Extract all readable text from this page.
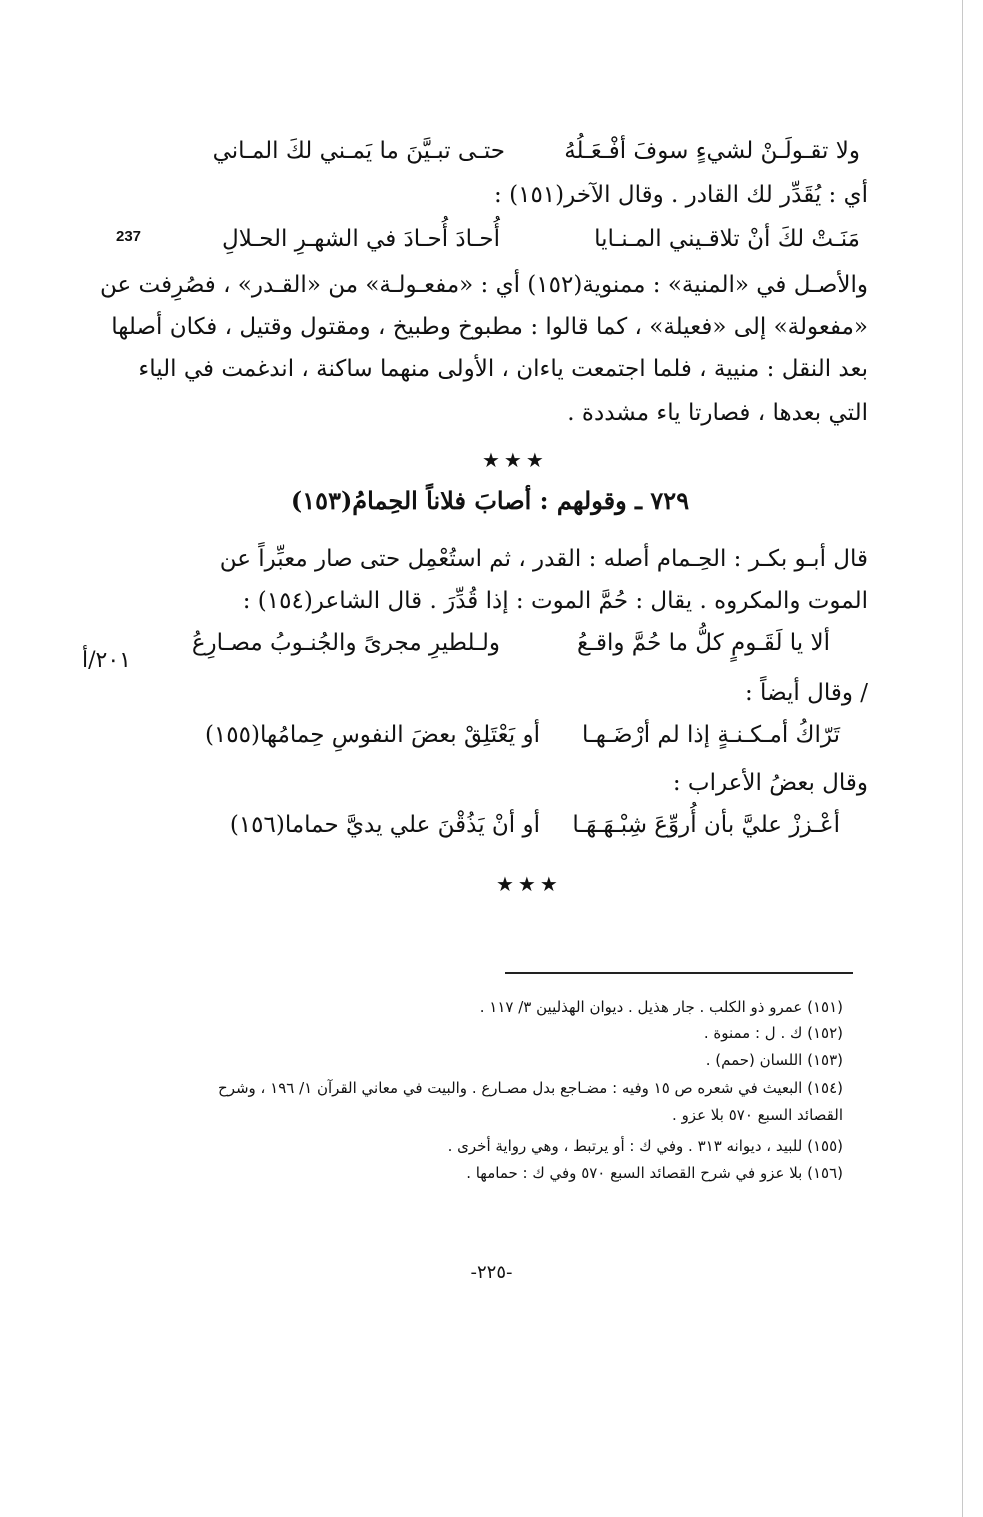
ولا تقـولَـنْ لشيءٍ سوفَ أفْـعَـلُهُ
حتـى تبـيَّنَ ما يَمـني لكَ المـاني
أي : يُقَدِّر لك القادر . وقال الآخر(١٥١) :
237	مَنَـتْ لكَ أنْ تلاقـيني المـنـايا
أُحـادَ أُحـادَ في الشهـرِ الحـلالِ
والأصـل في «المنية» : ممنوية(١٥٢) أي : «مفعـولـة» من «القـدر» ، فصُرِفت عن
«مفعولة» إلى «فعيلة» ، كما قالوا : مطبوخ وطبيخ ، ومقتول وقتيل ، فكان أصلها
بعد النقل : منيية ، فلما اجتمعت ياءان ، الأولى منهما ساكنة ، اندغمت في الياء
التي بعدها ، فصارتا ياء مشددة .
★★★
٧٢٩ ـ وقولهم : أصابَ فلاناً الحِمامُ(١٥٣)
قال أبـو بكـر : الحِـمام أصله : القدر ، ثم استُعْمِل حتى صار معبِّراً عن
الموت والمكروه . يقال : حُمَّ الموت : إذا قُدِّرَ . قال الشاعر(١٥٤) :
٢٠١/أ
ألا يا لَقَـومٍ كلُّ ما حُمَّ واقـعُ
ولـلطيرِ مجرىً والجُنـوبُ مصـارِعُ
/ وقال أيضاً :
تَرّاكُ أمـكـنـةٍ إذا لم أرْضَـهـا
أو يَعْتَلِقْ بعضَ النفوسِ حِمامُها(١٥٥)
وقال بعضُ الأعراب :
أعْـززْ عليَّ بأن أُروِّعَ شِبْـهَـهَـا
أو أنْ يَذُقْنَ علي يديَّ حماما(١٥٦)
★★★
(١٥١) عمرو ذو الكلب . جار هذيل . ديوان الهذليين ٣/ ١١٧ .
(١٥٢) ك . ل : ممنوة .
(١٥٣) اللسان (حمم) .
(١٥٤) البعيث في شعره ص ١٥ وفيه : مضـاجع بدل مصـارع . والبيت في معاني القرآن ١/ ١٩٦ ، وشرح
القصائد السبع ٥٧٠ بلا عزو .
(١٥٥) للبيد ، ديوانه ٣١٣ . وفي ك : أو يرتبط ، وهي رواية أخرى .
(١٥٦) بلا عزو في شرح القصائد السبع ٥٧٠ وفي ك : حمامها .
-٢٢٥-
